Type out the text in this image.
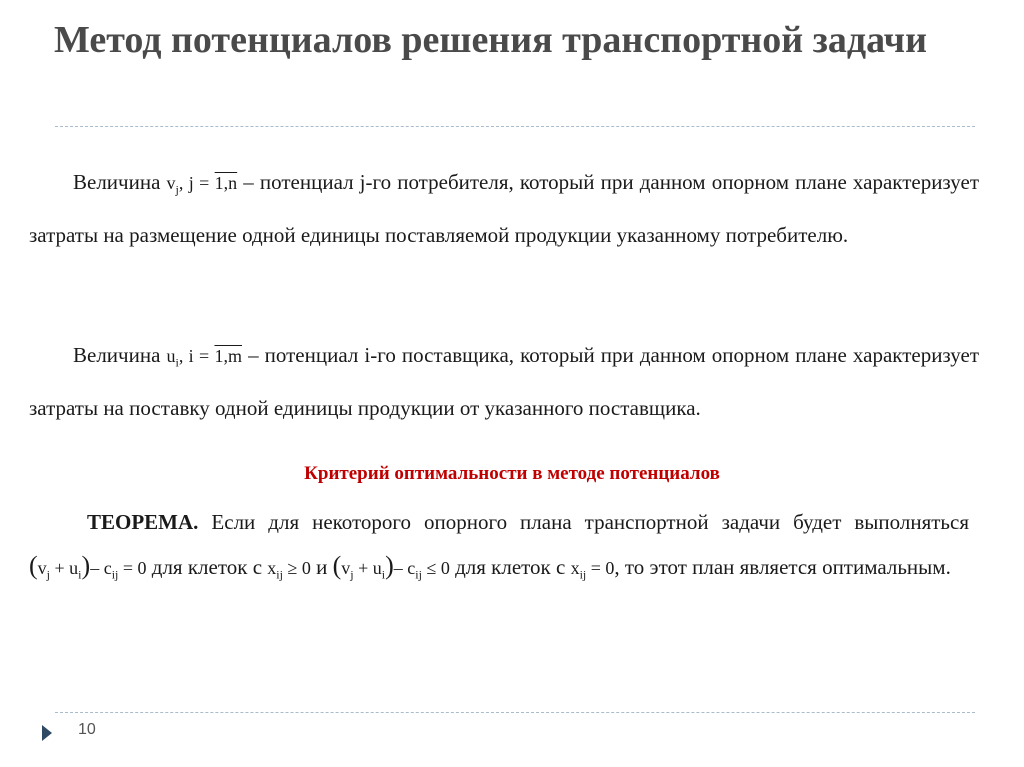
Метод потенциалов решения транспортной задачи

Величина $v_j$, j = 1,n – потенциал j-го потребителя, который при данном опорном плане характеризует затраты на размещение одной единицы поставляемой продукции указанному потребителю.

Величина $u_i$, i = 1,m – потенциал i-го поставщика, который при данном опорном плане характеризует затраты на поставку одной единицы продукции от указанного поставщика.

Критерий оптимальности в методе потенциалов

ТЕОРЕМА. Если для некоторого опорного плана транспортной задачи будет выполняться $(v_j + u_i)-$ $c_{ij} = 0$ для клеток с $x_{ij} \ge 0$ и $(v_j + u_i)-$ $c_{ij} \le 0$ для клеток с $x_{ij} = 0$, то этот план является оптимальным.

10
